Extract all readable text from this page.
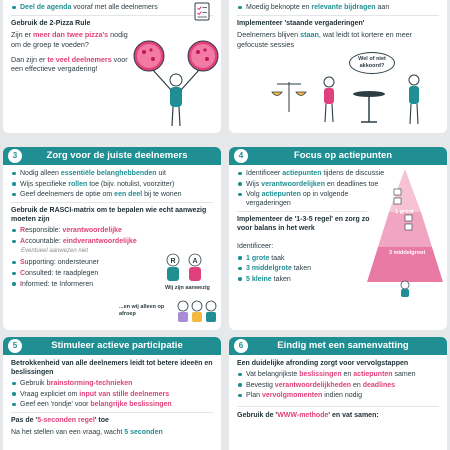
Deel de agenda vooraf met alle deelnemers
Gebruik de 2-Pizza Rule
Zijn er meer dan twee pizza's nodig om de groep te voeden?
Dan zijn er te veel deelnemers voor een effectieve vergadering!
Moedig beknopte en relevante bijdragen aan
Implementeer 'staande vergaderingen'
Deelnemers blijven staan, wat leidt tot kortere en meer gefocuste sessies
Wel of niet akkoord?
3	Zorg voor de juiste deelnemers
Nodig alleen essentiële belanghebbenden uit
Wijs specifieke rollen toe (bijv. notulist, voorzitter)
Geef deelnemers de optie om een deel bij te wonen
Gebruik de RASCI-matrix om te bepalen wie echt aanwezig moeten zijn
Responsible: verantwoordelijke
Accountable: eindverantwoordelijke
Eventueel aanwezen niet
Supporting: ondersteuner
Consulted: te raadplegen
Informed: te Informeren
R A
Wij zijn aanwezig
...en wij alleen op afroep
4	Focus op actiepunten
Identificeer actiepunten tijdens de discussie
Wijs verantwoordelijken en deadlines toe
Volg actiepunten op in volgende vergaderingen
Implementeer de '1-3-5 regel' en zorg zo voor balans in het werk
Identificeer:
1 grote taak
3 middelgrote taken
5 kleine taken
1 groot
3 middelgroot
5 klein
5	Stimuleer actieve participatie
Betrokkenheid van alle deelnemers leidt tot betere ideeën en beslissingen
Gebruik brainstorming-technieken
Vraag expliciet om input van stille deelnemers
Geef een 'rondje' voor belangrijke beslissingen
Pas de '5-seconden regel' toe
Na het stellen van een vraag, wacht 5 seconden
6	Eindig met een samenvatting
Een duidelijke afronding zorgt voor vervolgstappen
Vat belangrijkste beslissingen en actiepunten samen
Bevestig verantwoordelijkheden en deadlines
Plan vervolgmomenten indien nodig
Gebruik de 'WWW-methode' en vat samen:
